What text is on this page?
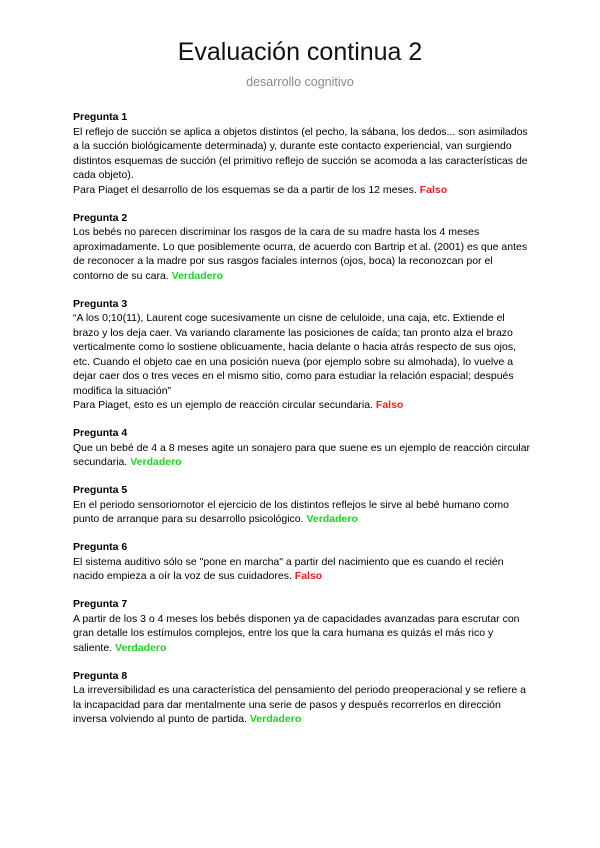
Evaluación continua 2
desarrollo cognitivo
Pregunta 1

El reflejo de succión se aplica a objetos distintos (el pecho, la sábana, los dedos... son asimilados a la succión biológicamente determinada) y, durante este contacto experiencial, van surgiendo distintos esquemas de succión (el primitivo reflejo de succión se acomoda a las características de cada objeto).

Para Piaget el desarrollo de los esquemas se da a partir de los 12 meses. Falso

Pregunta 2

Los bebés no parecen discriminar los rasgos de la cara de su madre hasta los 4 meses aproximadamente. Lo que posiblemente ocurra, de acuerdo con Bartrip et al. (2001) es que antes de reconocer a la madre por sus rasgos faciales internos (ojos, boca) la reconozcan por el contorno de su cara. Verdadero

Pregunta 3

“A los 0;10(11), Laurent coge sucesivamente un cisne de celuloide, una caja, etc. Extiende el brazo y los deja caer. Va variando claramente las posiciones de caída; tan pronto alza el brazo verticalmente como lo sostiene oblicuamente, hacia delante o hacia atrás respecto de sus ojos, etc. Cuando el objeto cae en una posición nueva (por ejemplo sobre su almohada), lo vuelve a dejar caer dos o tres veces en el mismo sitio, como para estudiar la relación espacial; después modifica la situación”

Para Piaget, esto es un ejemplo de reacción circular secundaria. Falso

Pregunta 4

Que un bebé de 4 a 8 meses agite un sonajero para que suene es un ejemplo de reacción circular secundaria. Verdadero

Pregunta 5

En el periodo sensoriomotor el ejercicio de los distintos reflejos le sirve al bebé humano como punto de arranque para su desarrollo psicológico. Verdadero

Pregunta 6

El sistema auditivo sólo se "pone en marcha" a partir del nacimiento que es cuando el recién nacido empieza a oír la voz de sus cuidadores. Falso

Pregunta 7

A partir de los 3 o 4 meses los bebés disponen ya de capacidades avanzadas para escrutar con gran detalle los estímulos complejos, entre los que la cara humana es quizás el más rico y saliente. Verdadero

Pregunta 8

La irreversibilidad es una característica del pensamiento del periodo preoperacional y se refiere a la incapacidad para dar mentalmente una serie de pasos y después recorrerlos en dirección inversa volviendo al punto de partida. Verdadero
